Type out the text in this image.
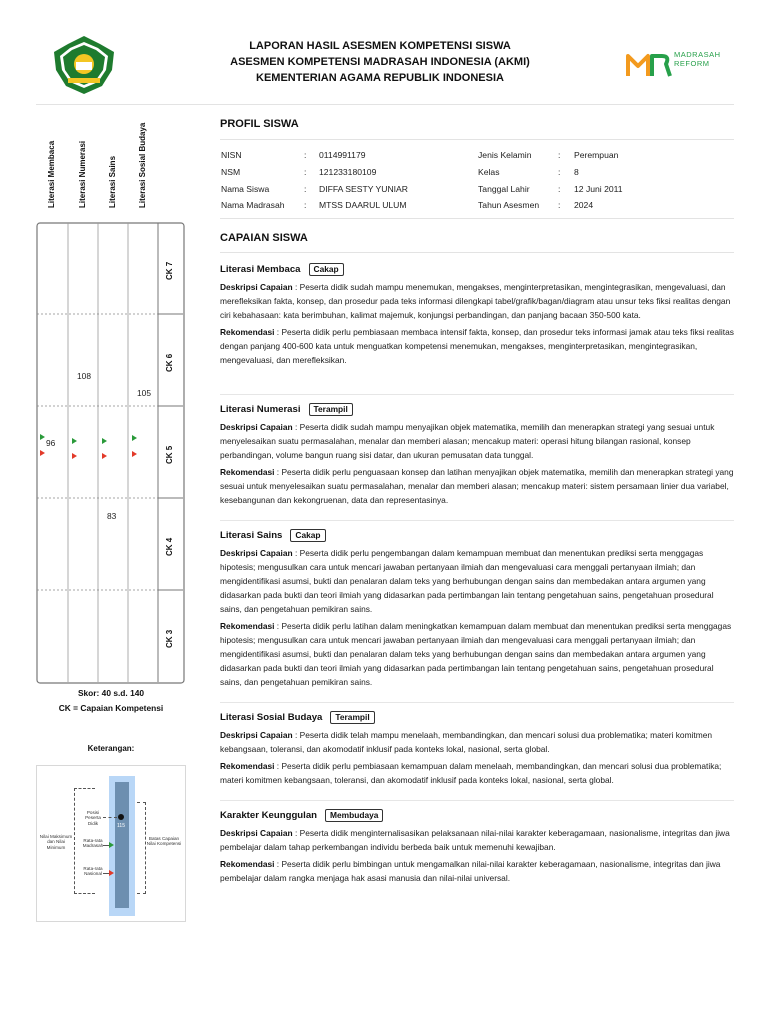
LAPORAN HASIL ASESMEN KOMPETENSI SISWA
ASESMEN KOMPETENSI MADRASAH INDONESIA (AKMI)
KEMENTERIAN AGAMA REPUBLIK INDONESIA
MADRASAH
REFORM
Literasi Membaca	Literasi Numerasi	Literasi Sains	Literasi Sosial Budaya
CK 7
CK 6
CK 5
CK 4
CK 3
96
108
83
105
Skor: 40 s.d. 140
CK = Capaian Kompetensi
Keterangan:
115
Posisi Peserta Didik
Rata-rata Madrasah
Rata-rata Nasional
Nilai Maksimum dan Nilai Minimum
Batas Capaian Nilai Kompetensi
PROFIL SISWA
NISN	: 0114991179
NSM	: 121233180109
Nama Siswa	: DIFFA SESTY YUNIAR
Nama Madrasah : MTSS DAARUL ULUM
Jenis Kelamin	: Perempuan
Kelas	: 8
Tanggal Lahir	: 12 Juni 2011
Tahun Asesmen : 2024
CAPAIAN SISWA
Literasi Membaca	Cakap
Deskripsi Capaian : Peserta didik sudah mampu menemukan, mengakses, menginterpretasikan, mengintegrasikan, mengevaluasi, dan merefleksikan fakta, konsep, dan prosedur pada teks informasi dilengkapi tabel/grafik/bagan/diagram atau unsur teks fiksi realitas dengan ciri kebahasaan: kata berimbuhan, kalimat majemuk, konjungsi perbandingan, dan panjang bacaan 350-500 kata.
Rekomendasi : Peserta didik perlu pembiasaan membaca intensif fakta, konsep, dan prosedur teks informasi jamak atau teks fiksi realitas dengan panjang 400-600 kata untuk menguatkan kompetensi menemukan, mengakses, menginterpretasikan, mengintegrasikan, mengevaluasi, dan merefleksikan.
Literasi Numerasi	Terampil
Deskripsi Capaian : Peserta didik sudah mampu menyajikan objek matematika, memilih dan menerapkan strategi yang sesuai untuk menyelesaikan suatu permasalahan, menalar dan memberi alasan; mencakup materi: operasi hitung bilangan rasional, konsep perbandingan, volume bangun ruang sisi datar, dan ukuran pemusatan data tunggal.
Rekomendasi : Peserta didik perlu penguasaan konsep dan latihan menyajikan objek matematika, memilih dan menerapkan strategi yang sesuai untuk menyelesaikan suatu permasalahan, menalar dan memberi alasan; mencakup materi: sistem persamaan linier dua variabel, kesebangunan dan kekongruenan, data dan representasinya.
Literasi Sains	Cakap
Deskripsi Capaian : Peserta didik perlu pengembangan dalam kemampuan membuat dan menentukan prediksi serta menggagas hipotesis; mengusulkan cara untuk mencari jawaban pertanyaan ilmiah dan mengevaluasi cara menggali pertanyaan ilmiah; dan mengidentifikasi asumsi, bukti dan penalaran dalam teks yang berhubungan dengan sains dan membedakan antara argumen yang didasarkan pada bukti dan teori ilmiah yang didasarkan pada pertimbangan lain tentang pengetahuan sains, pengetahuan prosedural sains, dan pengetahuan pemikiran sains.
Rekomendasi : Peserta didik perlu latihan dalam meningkatkan kemampuan dalam membuat dan menentukan prediksi serta menggagas hipotesis; mengusulkan cara untuk mencari jawaban pertanyaan ilmiah dan mengevaluasi cara menggali pertanyaan ilmiah; dan mengidentifikasi asumsi, bukti dan penalaran dalam teks yang berhubungan dengan sains dan membedakan antara argumen yang didasarkan pada bukti dan teori ilmiah yang didasarkan pada pertimbangan lain tentang pengetahuan sains, pengetahuan prosedural sains, dan pengetahuan pemikiran sains.
Literasi Sosial Budaya	Terampil
Deskripsi Capaian : Peserta didik telah mampu menelaah, membandingkan, dan mencari solusi dua problematika; materi komitmen kebangsaan, toleransi, dan akomodatif inklusif pada konteks lokal, nasional, serta global.
Rekomendasi : Peserta didik perlu pembiasaan kemampuan dalam menelaah, membandingkan, dan mencari solusi dua problematika; materi komitmen kebangsaan, toleransi, dan akomodatif inklusif pada konteks lokal, nasional, serta global.
Karakter Keunggulan	Membudaya
Deskripsi Capaian : Peserta didik menginternalisasikan pelaksanaan nilai-nilai karakter keberagamaan, nasionalisme, integritas dan jiwa pembelajar dalam tahap perkembangan individu berbeda baik untuk memenuhi kewajiban.
Rekomendasi : Peserta didik perlu bimbingan untuk mengamalkan nilai-nilai karakter keberagamaan, nasionalisme, integritas dan jiwa pembelajar dalam rangka menjaga hak asasi manusia dan nilai-nilai universal.
